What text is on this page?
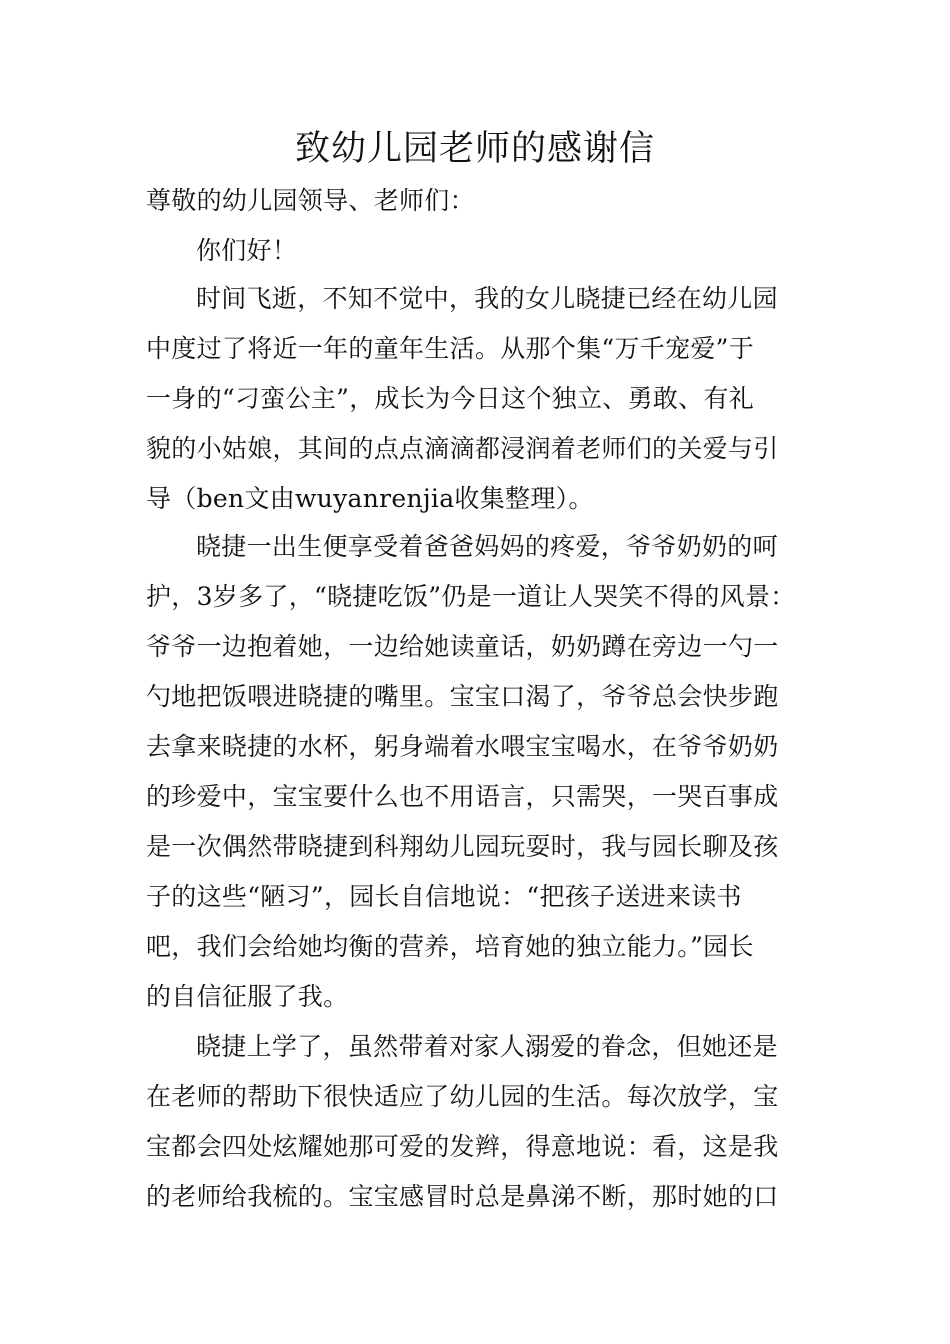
致幼儿园老师的感谢信
尊敬的幼儿园领导、老师们：
你们好！
时间飞逝，不知不觉中，我的女儿晓捷已经在幼儿园
中度过了将近一年的童年生活。从那个集“万千宠爱”于
一身的“刁蛮公主”，成长为今日这个独立、勇敢、有礼
貌的小姑娘，其间的点点滴滴都浸润着老师们的关爱与引
导（ben文由wuyanrenjia收集整理）。
晓捷一出生便享受着爸爸妈妈的疼爱，爷爷奶奶的呵
护，3岁多了，“晓捷吃饭”仍是一道让人哭笑不得的风景：
爷爷一边抱着她，一边给她读童话，奶奶蹲在旁边一勺一
勺地把饭喂进晓捷的嘴里。宝宝口渴了，爷爷总会快步跑
去拿来晓捷的水杯，躬身端着水喂宝宝喝水，在爷爷奶奶
的珍爱中，宝宝要什么也不用语言，只需哭，一哭百事成
是一次偶然带晓捷到科翔幼儿园玩耍时，我与园长聊及孩
子的这些“陋习”，园长自信地说：“把孩子送进来读书
吧，我们会给她均衡的营养，培育她的独立能力。”园长
的自信征服了我。
晓捷上学了，虽然带着对家人溺爱的眷念，但她还是
在老师的帮助下很快适应了幼儿园的生活。每次放学，宝
宝都会四处炫耀她那可爱的发辫，得意地说：看，这是我
的老师给我梳的。宝宝感冒时总是鼻涕不断，那时她的口
